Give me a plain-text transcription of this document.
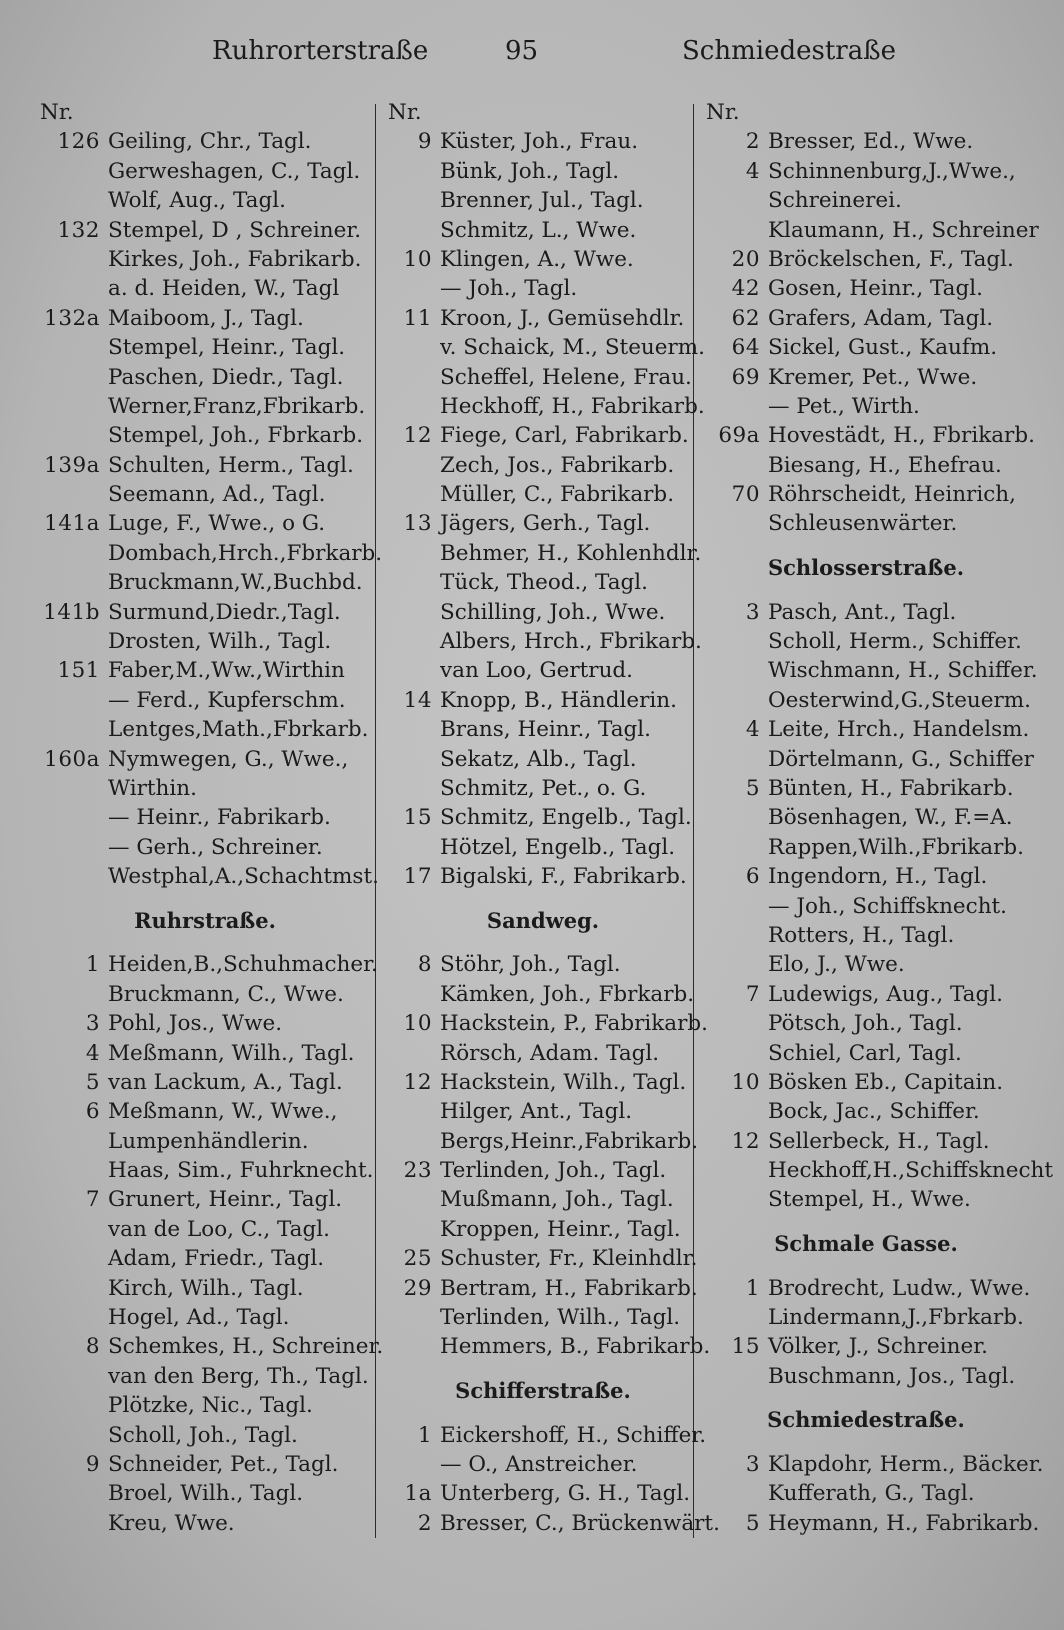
Ruhrorterstraße	95	Schmiedestraße
Nr.
126 Geiling, Chr., Tagl.
Gerweshagen, C., Tagl.
Wolf, Aug., Tagl.
132 Stempel, D , Schreiner.
Kirkes, Joh., Fabrikarb.
a. d. Heiden, W., Tagl
132a Maiboom, J., Tagl.
Stempel, Heinr., Tagl.
Paschen, Diedr., Tagl.
Werner,Franz,Fbrikarb.
Stempel, Joh., Fbrkarb.
139a Schulten, Herm., Tagl.
Seemann, Ad., Tagl.
141a Luge, F., Wwe., o G.
Dombach,Hrch.,Fbrkarb.
Bruckmann,W.,Buchbd.
141b Surmund,Diedr.,Tagl.
Drosten, Wilh., Tagl.
151 Faber,M.,Ww.,Wirthin
— Ferd., Kupferschm.
Lentges,Math.,Fbrkarb.
160a Nymwegen, G., Wwe.,
Wirthin.
— Heinr., Fabrikarb.
— Gerh., Schreiner.
Westphal,A.,Schachtmst.
Ruhrstraße.
1 Heiden,B.,Schuhmacher.
Bruckmann, C., Wwe.
3 Pohl, Jos., Wwe.
4 Meßmann, Wilh., Tagl.
5 van Lackum, A., Tagl.
6 Meßmann, W., Wwe.,
Lumpenhändlerin.
Haas, Sim., Fuhrknecht.
7 Grunert, Heinr., Tagl.
van de Loo, C., Tagl.
Adam, Friedr., Tagl.
Kirch, Wilh., Tagl.
Hogel, Ad., Tagl.
8 Schemkes, H., Schreiner.
van den Berg, Th., Tagl.
Plötzke, Nic., Tagl.
Scholl, Joh., Tagl.
9 Schneider, Pet., Tagl.
Broel, Wilh., Tagl.
Kreu, Wwe.
Nr.
9 Küster, Joh., Frau.
Bünk, Joh., Tagl.
Brenner, Jul., Tagl.
Schmitz, L., Wwe.
10 Klingen, A., Wwe.
— Joh., Tagl.
11 Kroon, J., Gemüsehdlr.
v. Schaick, M., Steuerm.
Scheffel, Helene, Frau.
Heckhoff, H., Fabrikarb.
12 Fiege, Carl, Fabrikarb.
Zech, Jos., Fabrikarb.
Müller, C., Fabrikarb.
13 Jägers, Gerh., Tagl.
Behmer, H., Kohlenhdlr.
Tück, Theod., Tagl.
Schilling, Joh., Wwe.
Albers, Hrch., Fbrikarb.
van Loo, Gertrud.
14 Knopp, B., Händlerin.
Brans, Heinr., Tagl.
Sekatz, Alb., Tagl.
Schmitz, Pet., o. G.
15 Schmitz, Engelb., Tagl.
Hötzel, Engelb., Tagl.
17 Bigalski, F., Fabrikarb.
Sandweg.
8 Stöhr, Joh., Tagl.
Kämken, Joh., Fbrkarb.
10 Hackstein, P., Fabrikarb.
Rörsch, Adam. Tagl.
12 Hackstein, Wilh., Tagl.
Hilger, Ant., Tagl.
Bergs,Heinr.,Fabrikarb.
23 Terlinden, Joh., Tagl.
Mußmann, Joh., Tagl.
Kroppen, Heinr., Tagl.
25 Schuster, Fr., Kleinhdlr.
29 Bertram, H., Fabrikarb.
Terlinden, Wilh., Tagl.
Hemmers, B., Fabrikarb.
Schifferstraße.
1 Eickershoff, H., Schiffer.
— O., Anstreicher.
1a Unterberg, G. H., Tagl.
2 Bresser, C., Brückenwärt.
Nr.
2 Bresser, Ed., Wwe.
4 Schinnenburg,J.,Wwe.,
Schreinerei.
Klaumann, H., Schreiner
20 Bröckelschen, F., Tagl.
42 Gosen, Heinr., Tagl.
62 Grafers, Adam, Tagl.
64 Sickel, Gust., Kaufm.
69 Kremer, Pet., Wwe.
— Pet., Wirth.
69a Hovestädt, H., Fbrikarb.
Biesang, H., Ehefrau.
70 Röhrscheidt, Heinrich,
Schleusenwärter.
Schlosserstraße.
3 Pasch, Ant., Tagl.
Scholl, Herm., Schiffer.
Wischmann, H., Schiffer.
Oesterwind,G.,Steuerm.
4 Leite, Hrch., Handelsm.
Dörtelmann, G., Schiffer
5 Bünten, H., Fabrikarb.
Bösenhagen, W., F.=A.
Rappen,Wilh.,Fbrikarb.
6 Ingendorn, H., Tagl.
— Joh., Schiffsknecht.
Rotters, H., Tagl.
Elo, J., Wwe.
7 Ludewigs, Aug., Tagl.
Pötsch, Joh., Tagl.
Schiel, Carl, Tagl.
10 Bösken Eb., Capitain.
Bock, Jac., Schiffer.
12 Sellerbeck, H., Tagl.
Heckhoff,H.,Schiffsknecht
Stempel, H., Wwe.
Schmale Gasse.
1 Brodrecht, Ludw., Wwe.
Lindermann,J.,Fbrkarb.
15 Völker, J., Schreiner.
Buschmann, Jos., Tagl.
Schmiedestraße.
3 Klapdohr, Herm., Bäcker.
Kufferath, G., Tagl.
5 Heymann, H., Fabrikarb.
